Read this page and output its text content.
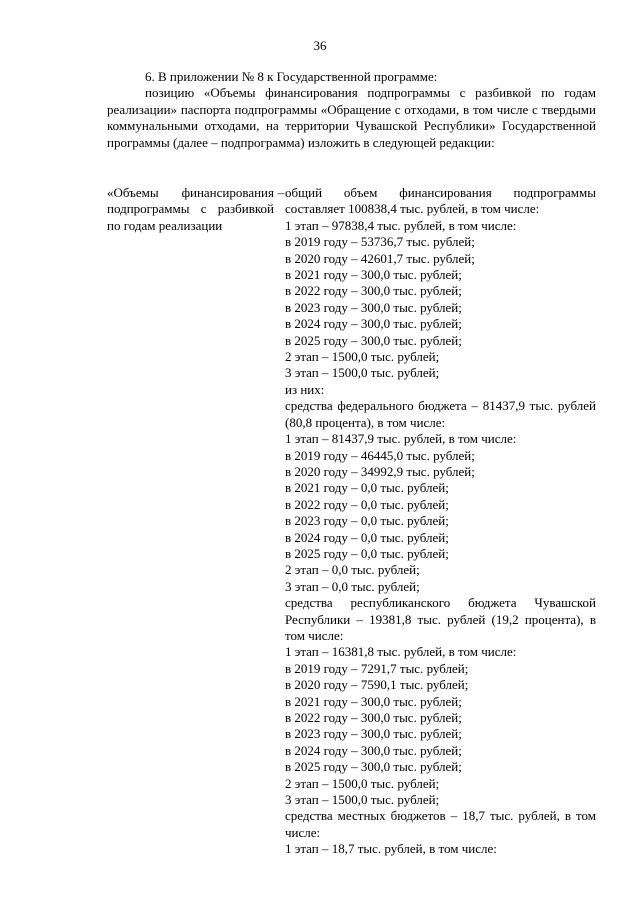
36

6. В приложении № 8 к Государственной программе:

позицию «Объемы финансирования подпрограммы с разбивкой по годам реализации» паспорта подпрограммы «Обращение с отходами, в том числе с твердыми коммунальными отходами, на территории Чувашской Республики» Государственной программы (далее – подпрограмма) изложить в следующей редакции:

«Объемы финансирования подпрограммы с разбивкой по годам реализации
– общий объем финансирования подпрограммы составляет 100838,4 тыс. рублей, в том числе:
1 этап – 97838,4 тыс. рублей, в том числе:
в 2019 году – 53736,7 тыс. рублей;
в 2020 году – 42601,7 тыс. рублей;
в 2021 году – 300,0 тыс. рублей;
в 2022 году – 300,0 тыс. рублей;
в 2023 году – 300,0 тыс. рублей;
в 2024 году – 300,0 тыс. рублей;
в 2025 году – 300,0 тыс. рублей;
2 этап – 1500,0 тыс. рублей;
3 этап – 1500,0 тыс. рублей;
из них:
средства федерального бюджета – 81437,9 тыс. рублей (80,8 процента), в том числе:
1 этап – 81437,9 тыс. рублей, в том числе:
в 2019 году – 46445,0 тыс. рублей;
в 2020 году – 34992,9 тыс. рублей;
в 2021 году – 0,0 тыс. рублей;
в 2022 году – 0,0 тыс. рублей;
в 2023 году – 0,0 тыс. рублей;
в 2024 году – 0,0 тыс. рублей;
в 2025 году – 0,0 тыс. рублей;
2 этап – 0,0 тыс. рублей;
3 этап – 0,0 тыс. рублей;
средства республиканского бюджета Чувашской Республики – 19381,8 тыс. рублей (19,2 процента), в том числе:
1 этап – 16381,8 тыс. рублей, в том числе:
в 2019 году – 7291,7 тыс. рублей;
в 2020 году – 7590,1 тыс. рублей;
в 2021 году – 300,0 тыс. рублей;
в 2022 году – 300,0 тыс. рублей;
в 2023 году – 300,0 тыс. рублей;
в 2024 году – 300,0 тыс. рублей;
в 2025 году – 300,0 тыс. рублей;
2 этап – 1500,0 тыс. рублей;
3 этап – 1500,0 тыс. рублей;
средства местных бюджетов – 18,7 тыс. рублей, в том числе:
1 этап – 18,7 тыс. рублей, в том числе:
